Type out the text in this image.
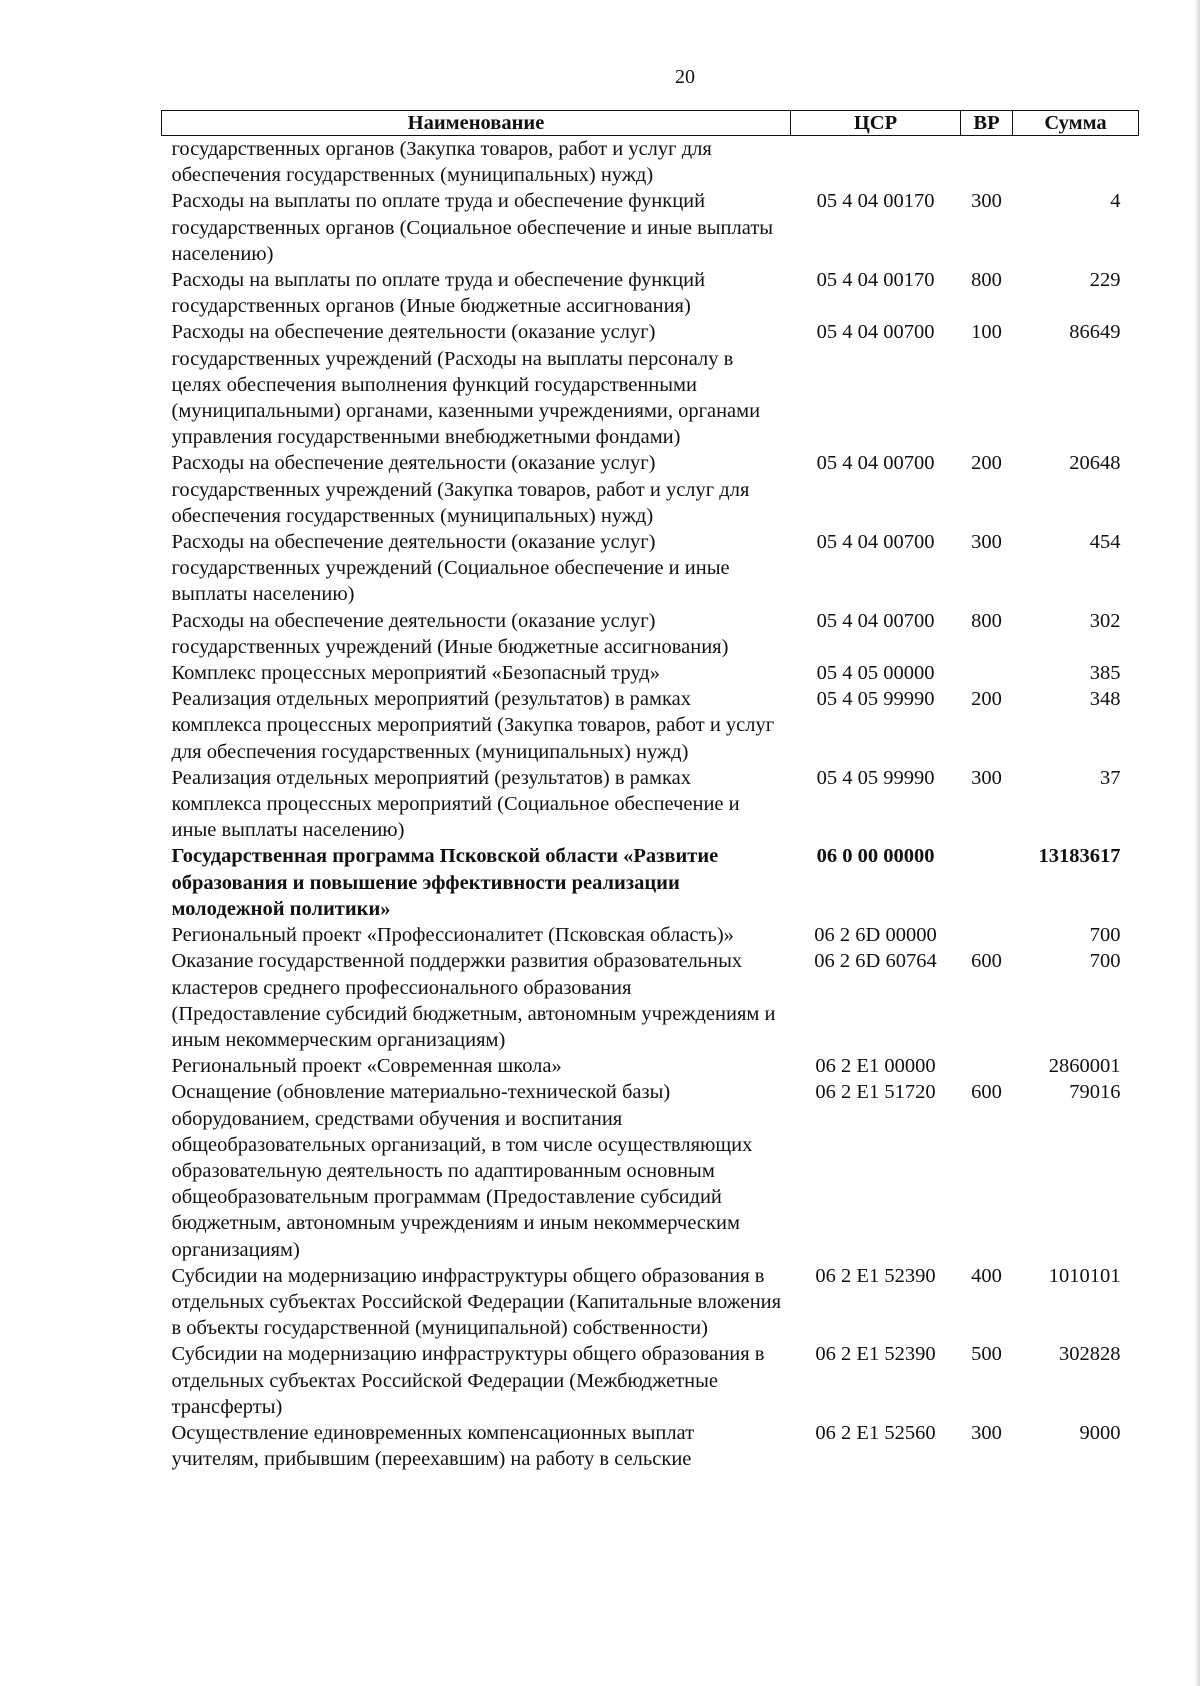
20
Наименование	ЦСР	ВР	Сумма
государственных органов (Закупка товаров, работ и услуг для обеспечения государственных (муниципальных) нужд)			
Расходы на выплаты по оплате труда и обеспечение функций государственных органов (Социальное обеспечение и иные выплаты населению)	05 4 04 00170	300	4
Расходы на выплаты по оплате труда и обеспечение функций государственных органов (Иные бюджетные ассигнования)	05 4 04 00170	800	229
Расходы на обеспечение деятельности (оказание услуг) государственных учреждений (Расходы на выплаты персоналу в целях обеспечения выполнения функций государственными (муниципальными) органами, казенными учреждениями, органами управления государственными внебюджетными фондами)	05 4 04 00700	100	86649
Расходы на обеспечение деятельности (оказание услуг) государственных учреждений (Закупка товаров, работ и услуг для обеспечения государственных (муниципальных) нужд)	05 4 04 00700	200	20648
Расходы на обеспечение деятельности (оказание услуг) государственных учреждений (Социальное обеспечение и иные выплаты населению)	05 4 04 00700	300	454
Расходы на обеспечение деятельности (оказание услуг) государственных учреждений (Иные бюджетные ассигнования)	05 4 04 00700	800	302
Комплекс процессных мероприятий «Безопасный труд»	05 4 05 00000		385
Реализация отдельных мероприятий (результатов) в рамках комплекса процессных мероприятий (Закупка товаров, работ и услуг для обеспечения государственных (муниципальных) нужд)	05 4 05 99990	200	348
Реализация отдельных мероприятий (результатов) в рамках комплекса процессных мероприятий (Социальное обеспечение и иные выплаты населению)	05 4 05 99990	300	37
Государственная программа Псковской области «Развитие образования и повышение эффективности реализации молодежной политики»	06 0 00 00000		13183617
Региональный проект «Профессионалитет (Псковская область)»	06 2 6D 00000		700
Оказание государственной поддержки развития образовательных кластеров среднего профессионального образования (Предоставление субсидий бюджетным, автономным учреждениям и иным некоммерческим организациям)	06 2 6D 60764	600	700
Региональный проект «Современная школа»	06 2 E1 00000		2860001
Оснащение (обновление материально-технической базы) оборудованием, средствами обучения и воспитания общеобразовательных организаций, в том числе осуществляющих образовательную деятельность по адаптированным основным общеобразовательным программам (Предоставление субсидий бюджетным, автономным учреждениям и иным некоммерческим организациям)	06 2 E1 51720	600	79016
Субсидии на модернизацию инфраструктуры общего образования в отдельных субъектах Российской Федерации (Капитальные вложения в объекты государственной (муниципальной) собственности)	06 2 E1 52390	400	1010101
Субсидии на модернизацию инфраструктуры общего образования в отдельных субъектах Российской Федерации (Межбюджетные трансферты)	06 2 E1 52390	500	302828
Осуществление единовременных компенсационных выплат учителям, прибывшим (переехавшим) на работу в сельские	06 2 E1 52560	300	9000
